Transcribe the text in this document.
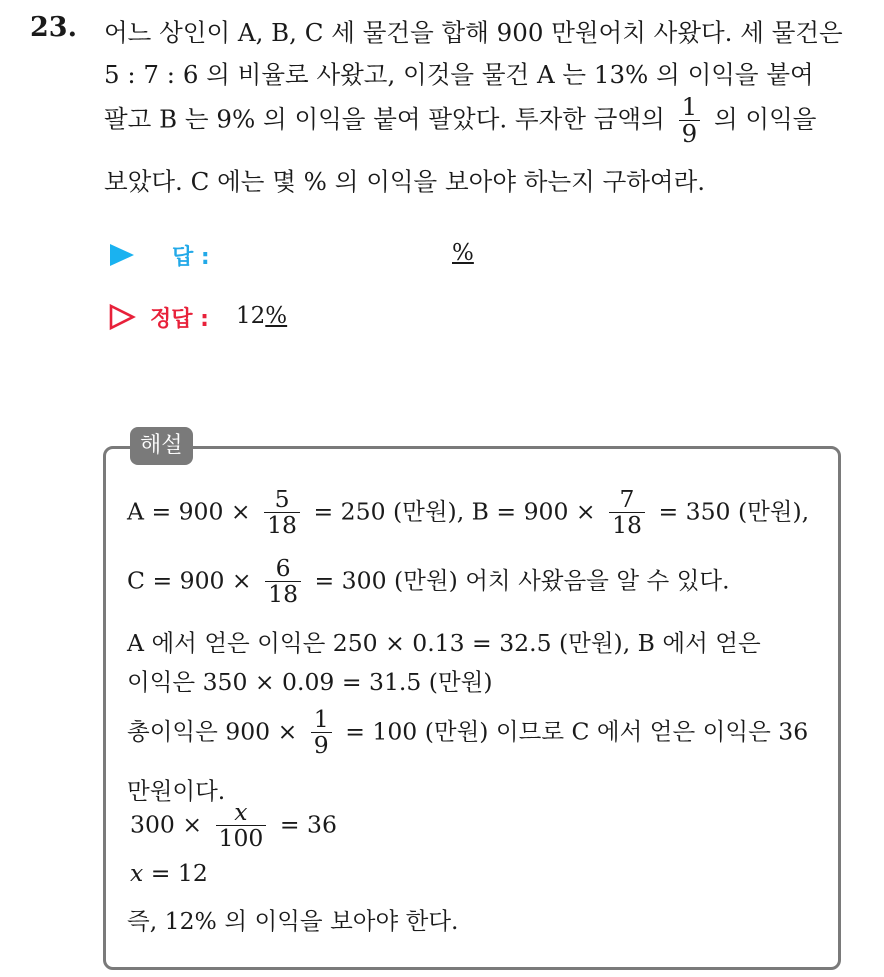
23. 어느 상인이 A, B, C 세 물건을 합해 900 만원어치 사왔다. 세 물건은
5 : 7 : 6 의 비율로 사왔고, 이것을 물건 A 는 13% 의 이익을 붙여
팔고 B 는 9% 의 이익을 붙여 팔았다. 투자한 금액의 $\frac{1}{9}$ 의 이익을
보았다. C 에는 몇 % 의 이익을 보아야 하는지 구하여라.
답 :	%
정답 : 12%
해설
$A = 900 \times \frac{5}{18} = 250$ (만원), $B = 900 \times \frac{7}{18} = 350$ (만원),
$C = 900 \times \frac{6}{18} = 300$ (만원) 어치 사왔음을 알 수 있다.
A 에서 얻은 이익은 250 × 0.13 = 32.5 (만원), B 에서 얻은
이익은 350 × 0.09 = 31.5 (만원)
총이익은 $900 \times \frac{1}{9} = 100$ (만원) 이므로 C 에서 얻은 이익은 36
만원이다.
$300 \times \frac{x}{100} = 36$
x = 12
즉, 12% 의 이익을 보아야 한다.
